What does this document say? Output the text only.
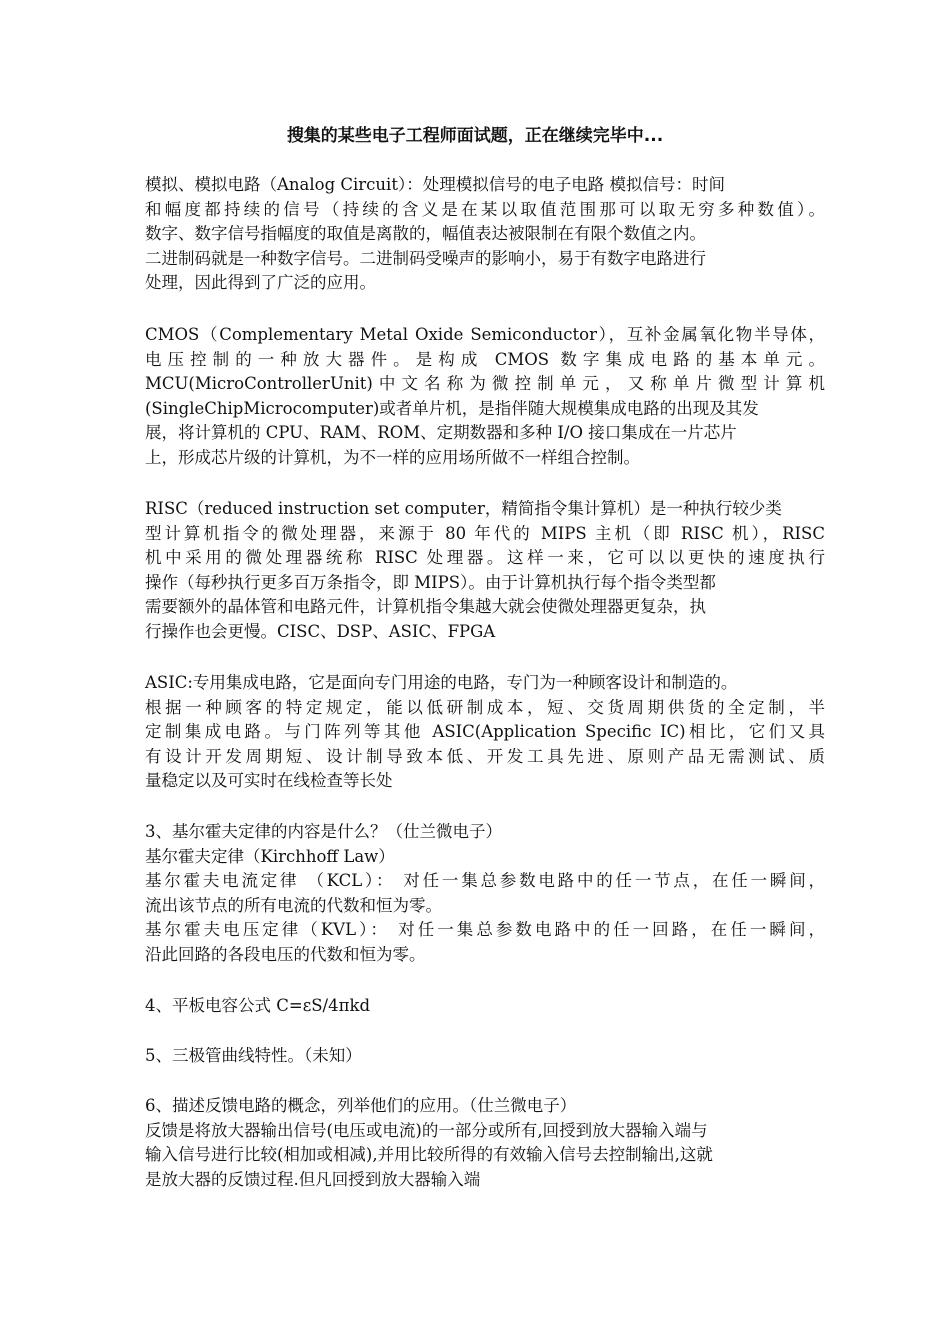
搜集的某些电子工程师面试题，正在继续完毕中...
模拟、模拟电路（Analog Circuit）：处理模拟信号的电子电路 模拟信号：时间
和幅度都持续的信号（持续的含义是在某以取值范围那可以取无穷多种数值）。
数字、数字信号指幅度的取值是离散的，幅值表达被限制在有限个数值之内。
二进制码就是一种数字信号。二进制码受噪声的影响小，易于有数字电路进行
处理，因此得到了广泛的应用。
CMOS（Complementary Metal Oxide Semiconductor），互补金属氧化物半导体，
电压控制的一种放大器件。是构成 CMOS 数字集成电路的基本单元。
MCU(MicroControllerUnit)中文名称为微控制单元，又称单片微型计算机
(SingleChipMicrocomputer)或者单片机，是指伴随大规模集成电路的出现及其发
展，将计算机的 CPU、RAM、ROM、定期数器和多种 I/O 接口集成在一片芯片
上，形成芯片级的计算机，为不一样的应用场所做不一样组合控制。
RISC（reduced instruction set computer，精简指令集计算机）是一种执行较少类
型计算机指令的微处理器，来源于 80 年代的 MIPS 主机（即 RISC 机），RISC
机中采用的微处理器统称 RISC 处理器。这样一来，它可以以更快的速度执行
操作（每秒执行更多百万条指令，即 MIPS）。由于计算机执行每个指令类型都
需要额外的晶体管和电路元件，计算机指令集越大就会使微处理器更复杂，执
行操作也会更慢。CISC、DSP、ASIC、FPGA
ASIC:专用集成电路，它是面向专门用途的电路，专门为一种顾客设计和制造的。
根据一种顾客的特定规定，能以低研制成本，短、交货周期供货的全定制，半
定制集成电路。与门阵列等其他 ASIC(Application Specific IC)相比，它们又具
有设计开发周期短、设计制导致本低、开发工具先进、原则产品无需测试、质
量稳定以及可实时在线检查等长处
3、基尔霍夫定律的内容是什么？（仕兰微电子）
基尔霍夫定律（Kirchhoff Law）
基尔霍夫电流定律 （KCL）： 对任一集总参数电路中的任一节点，在任一瞬间，
流出该节点的所有电流的代数和恒为零。
基尔霍夫电压定律（KVL）： 对任一集总参数电路中的任一回路，在任一瞬间，
沿此回路的各段电压的代数和恒为零。
4、平板电容公式 C=εS/4πkd
5、三极管曲线特性。（未知）
6、描述反馈电路的概念，列举他们的应用。（仕兰微电子）
反馈是将放大器输出信号(电压或电流)的一部分或所有,回授到放大器输入端与
输入信号进行比较(相加或相减),并用比较所得的有效输入信号去控制输出,这就
是放大器的反馈过程.但凡回授到放大器输入端
